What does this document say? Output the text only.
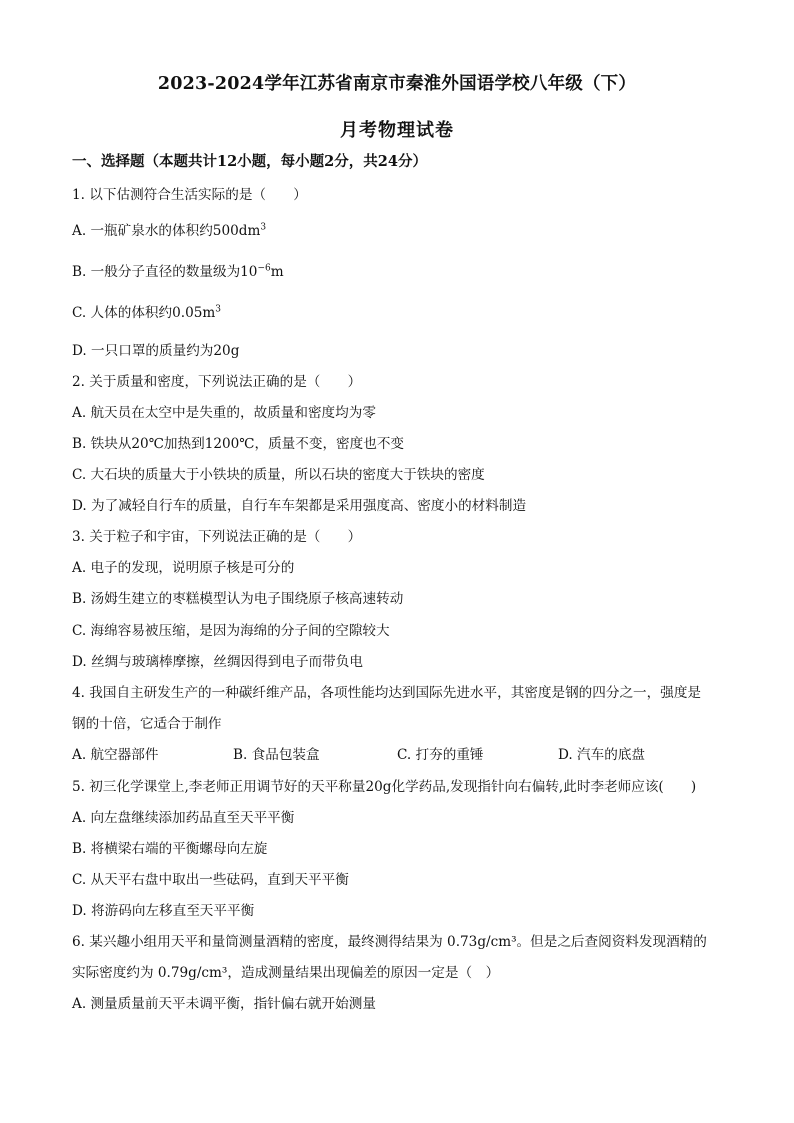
2023-2024学年江苏省南京市秦淮外国语学校八年级（下）
月考物理试卷
一、选择题（本题共计12小题，每小题2分，共24分）
1. 以下估测符合生活实际的是（　　）
A. 一瓶矿泉水的体积约$500dm^3$
B. 一般分子直径的数量级为$10^{-6}m$
C. 人体的体积约$0.05m^3$
D. 一只口罩的质量约为20g
2. 关于质量和密度，下列说法正确的是（　　）
A. 航天员在太空中是失重的，故质量和密度均为零
B. 铁块从20℃加热到1200℃，质量不变，密度也不变
C. 大石块的质量大于小铁块的质量，所以石块的密度大于铁块的密度
D. 为了减轻自行车的质量，自行车车架都是采用强度高、密度小的材料制造
3. 关于粒子和宇宙，下列说法正确的是（　　）
A. 电子的发现，说明原子核是可分的
B. 汤姆生建立的枣糕模型认为电子围绕原子核高速转动
C. 海绵容易被压缩，是因为海绵的分子间的空隙较大
D. 丝绸与玻璃棒摩擦，丝绸因得到电子而带负电
4. 我国自主研发生产的一种碳纤维产品，各项性能均达到国际先进水平，其密度是钢的四分之一，强度是
钢的十倍，它适合于制作
A. 航空器部件	B. 食品包装盒	C. 打夯的重锤	D. 汽车的底盘
5. 初三化学课堂上,李老师正用调节好的天平称量20g化学药品,发现指针向右偏转,此时李老师应该(　　)
A. 向左盘继续添加药品直至天平平衡
B. 将横梁右端的平衡螺母向左旋
C. 从天平右盘中取出一些砝码，直到天平平衡
D. 将游码向左移直至天平平衡
6. 某兴趣小组用天平和量筒测量酒精的密度，最终测得结果为 0.73g/cm³。但是之后查阅资料发现酒精的
实际密度约为 0.79g/cm³，造成测量结果出现偏差的原因一定是（　）
A. 测量质量前天平未调平衡，指针偏右就开始测量
